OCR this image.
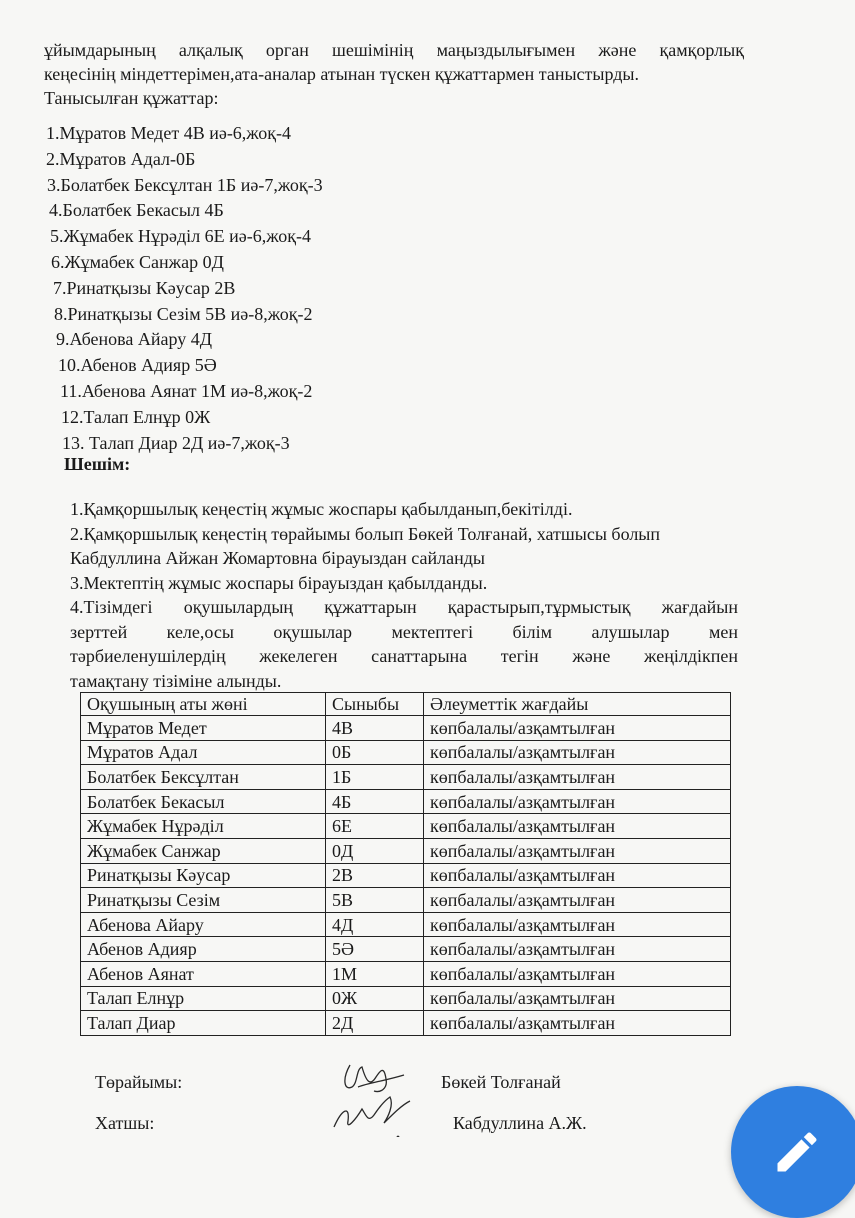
ұйымдарының алқалық орган шешімінің маңыздылығымен және қамқорлық

кеңесінің міндеттерімен,ата-аналар атынан түскен құжаттармен таныстырды.

Танысылған құжаттар:

1.Мұратов Медет 4В иә-6,жоқ-4
2.Мұратов Адал-0Б
3.Болатбек Бексұлтан 1Б иә-7,жоқ-3
4.Болатбек Бекасыл 4Б
5.Жұмабек Нұрәділ 6Е иә-6,жоқ-4
6.Жұмабек Санжар 0Д
7.Ринатқызы Кәусар 2В
8.Ринатқызы Сезім 5В иә-8,жоқ-2
9.Абенова Айару 4Д
10.Абенов Адияр 5Ә
11.Абенова Аянат 1М иә-8,жоқ-2
12.Талап Елнұр 0Ж
13. Талап Диар 2Д иә-7,жоқ-3
Шешім:

1.Қамқоршылық кеңестің жұмыс жоспары қабылданып,бекітілді.

2.Қамқоршылық кеңестің төрайымы болып Бөкей Толғанай, хатшысы болып

Кабдуллина Айжан Жомартовна бірауыздан сайланды

3.Мектептің жұмыс жоспары бірауыздан қабылданды.

4.Тізімдегі оқушылардың құжаттарын қарастырып,тұрмыстық жағдайын

зерттей келе,осы оқушылар мектептегі білім алушылар мен

тәрбиеленушілердің жекелеген санаттарына тегін және жеңілдікпен

тамақтану тізіміне алынды.

Оқушының аты жөні	Сыныбы	Әлеуметтік жағдайы
Мұратов Медет	4В	көпбалалы/азқамтылған
Мұратов Адал	0Б	көпбалалы/азқамтылған
Болатбек Бексұлтан	1Б	көпбалалы/азқамтылған
Болатбек Бекасыл	4Б	көпбалалы/азқамтылған
Жұмабек Нұрәділ	6Е	көпбалалы/азқамтылған
Жұмабек Санжар	0Д	көпбалалы/азқамтылған
Ринатқызы Кәусар	2В	көпбалалы/азқамтылған
Ринатқызы Сезім	5В	көпбалалы/азқамтылған
Абенова Айару	4Д	көпбалалы/азқамтылған
Абенов Адияр	5Ә	көпбалалы/азқамтылған
Абенов Аянат	1М	көпбалалы/азқамтылған
Талап Елнұр	0Ж	көпбалалы/азқамтылған
Талап Диар	2Д	көпбалалы/азқамтылған
Төрайымы:	Бөкей Толғанай
Хатшы:	Кабдуллина А.Ж.
